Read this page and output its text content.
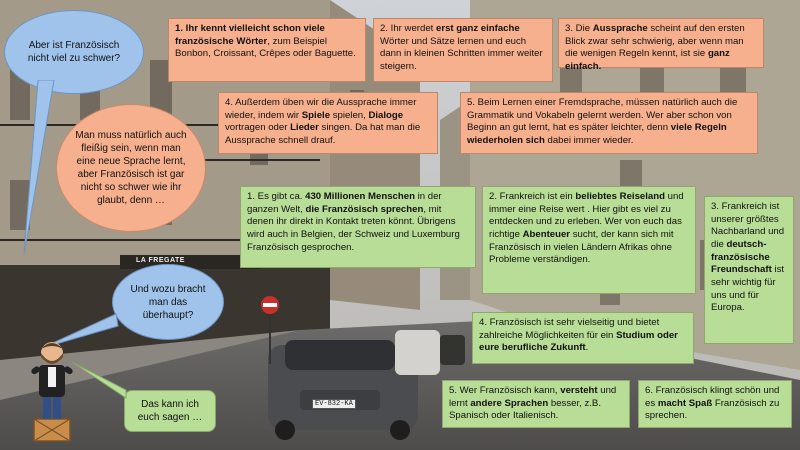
LA FREGATE
EV-832-KA
Aber ist Französisch nicht viel zu schwer?
Man muss natürlich auch fleißig sein, wenn man eine neue Sprache lernt, aber Französisch ist gar nicht so schwer wie ihr glaubt, denn …
Und wozu bracht man das überhaupt?
Das kann ich euch sagen …
1. Ihr kennt vielleicht schon viele französische Wörter, zum Beispiel Bonbon, Croissant, Crêpes oder Baguette.
2. Ihr werdet erst ganz einfache Wörter und Sätze lernen und euch dann in kleinen Schritten immer weiter steigern.
3. Die Aussprache scheint auf den ersten Blick zwar sehr schwierig, aber wenn man die wenigen Regeln kennt, ist sie ganz einfach.
4. Außerdem üben wir die Aussprache immer wieder, indem wir Spiele spielen, Dialoge vortragen oder Lieder singen. Da hat man die Aussprache schnell drauf.
5. Beim Lernen einer Fremdsprache, müssen natürlich auch die Grammatik und Vokabeln gelernt werden. Wer aber schon von Beginn an gut lernt, hat es später leichter, denn viele Regeln wiederholen sich dabei immer wieder.
1. Es gibt ca. 430 Millionen Menschen in der ganzen Welt, die Französisch sprechen, mit denen ihr direkt in Kontakt treten könnt. Übrigens wird auch in Belgien, der Schweiz und Luxemburg Französisch gesprochen.
2. Frankreich ist ein beliebtes Reiseland und immer eine Reise wert . Hier gibt es viel zu entdecken und zu erleben. Wer von euch das richtige Abenteuer sucht, der kann sich mit Französisch in vielen Ländern Afrikas ohne Probleme verständigen.
3. Frankreich ist unserer größtes Nachbarland und die deutsch-französische Freundschaft ist sehr wichtig für uns und für Europa.
4. Französisch ist sehr vielseitig und bietet zahlreiche Möglichkeiten für ein Studium oder eure berufliche Zukunft.
5. Wer Französisch kann, versteht und lernt andere Sprachen besser, z.B. Spanisch oder Italienisch.
6. Französisch klingt schön und es macht Spaß Französisch zu sprechen.
